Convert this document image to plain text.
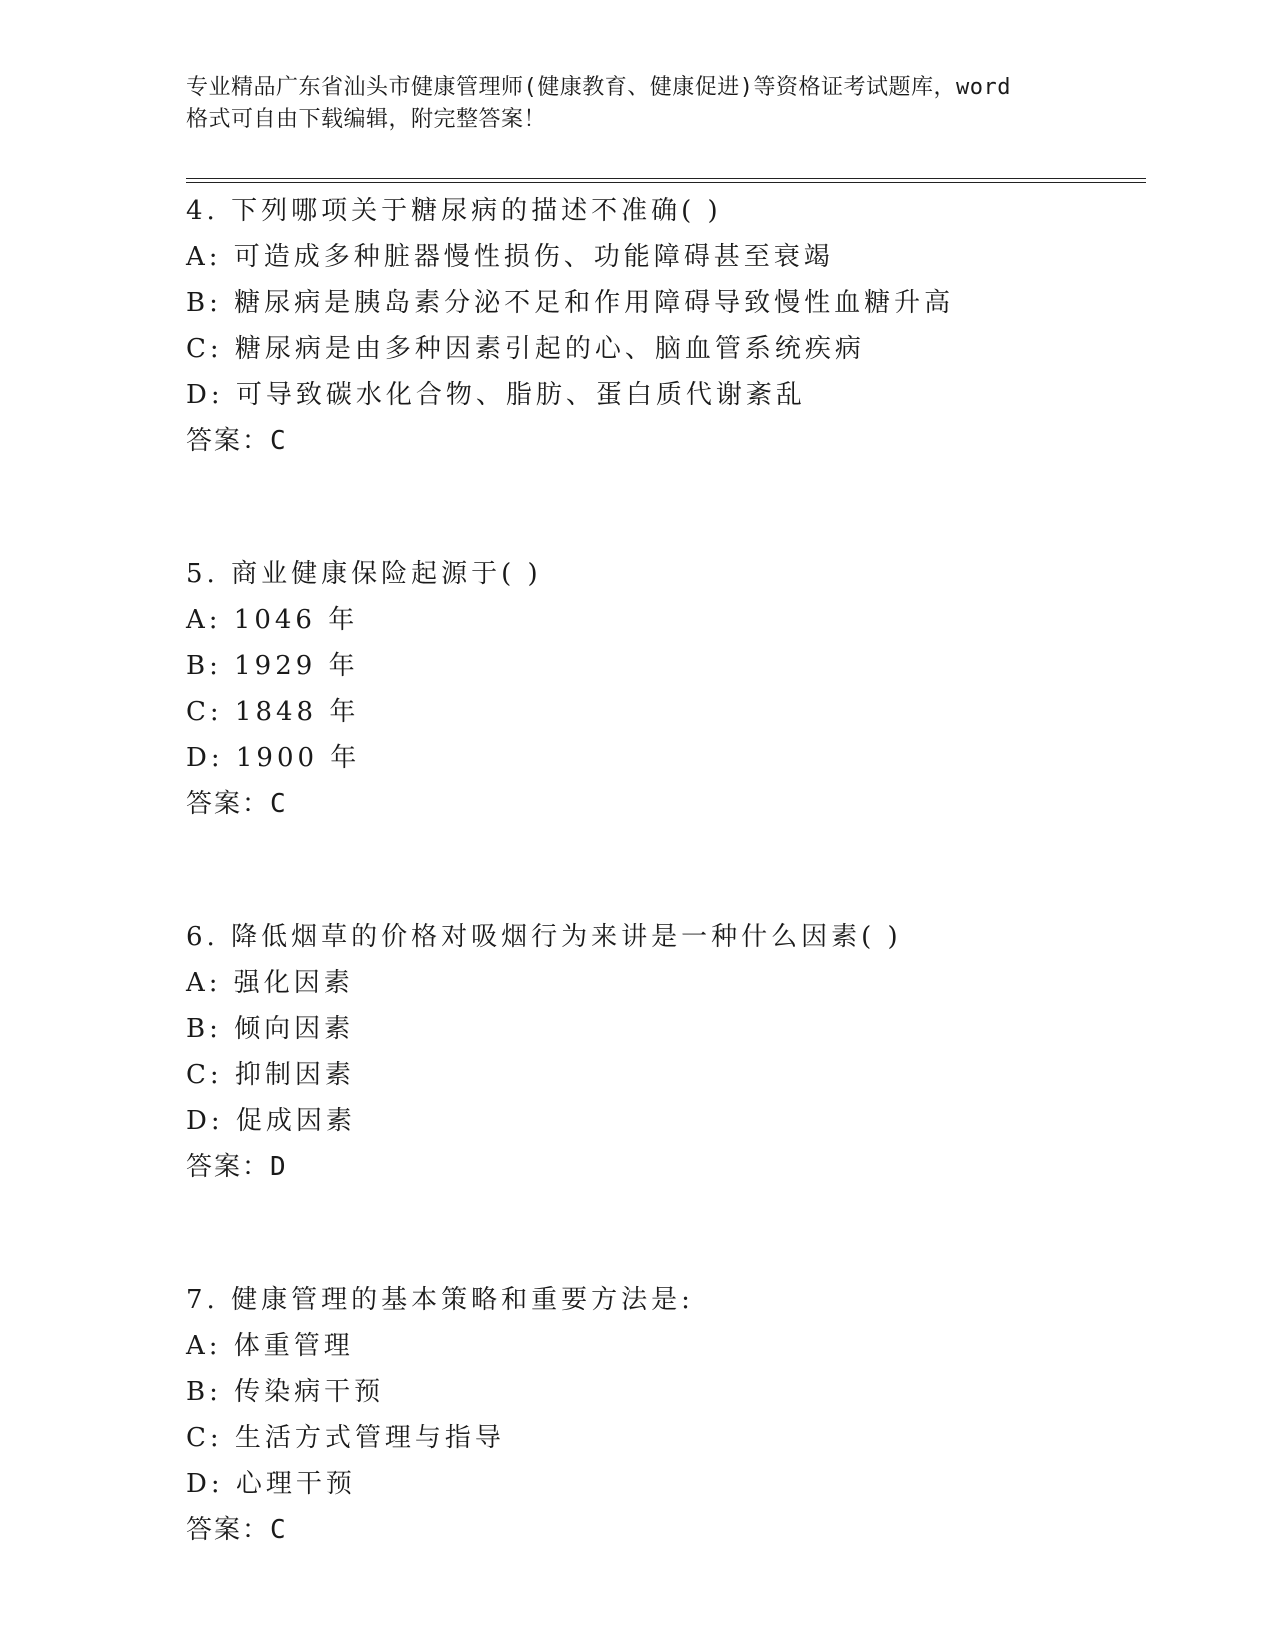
专业精品广东省汕头市健康管理师(健康教育、健康促进)等资格证考试题库，word
格式可自由下载编辑，附完整答案！
4. 下列哪项关于糖尿病的描述不准确( )
A: 可造成多种脏器慢性损伤、功能障碍甚至衰竭
B: 糖尿病是胰岛素分泌不足和作用障碍导致慢性血糖升高
C: 糖尿病是由多种因素引起的心、脑血管系统疾病
D: 可导致碳水化合物、脂肪、蛋白质代谢紊乱
答案：C
5. 商业健康保险起源于( )
A: 1046 年
B: 1929 年
C: 1848 年
D: 1900 年
答案：C
6. 降低烟草的价格对吸烟行为来讲是一种什么因素( )
A: 强化因素
B: 倾向因素
C: 抑制因素
D: 促成因素
答案：D
7. 健康管理的基本策略和重要方法是:
A: 体重管理
B: 传染病干预
C: 生活方式管理与指导
D: 心理干预
答案：C
